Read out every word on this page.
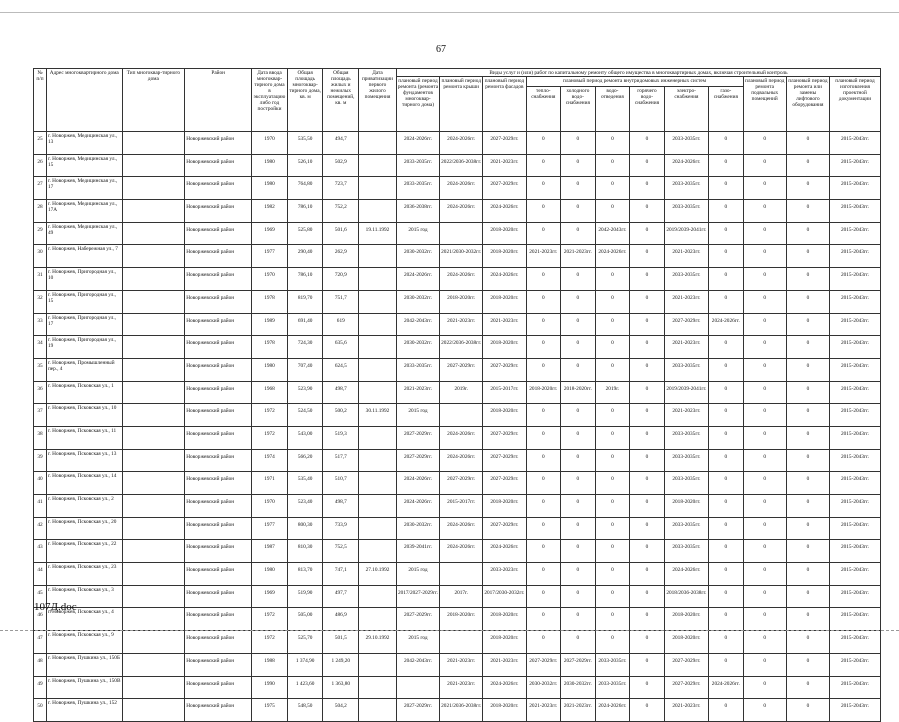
67
№ п/п	Адрес многоквартирного дома	Тип многоквар-тирного дома	Район	Дата ввода многоквар-тирного дома в эксплуатацию либо год постройки	Общая площадь многоквар-тирного дома, кв. м	Общая площадь жилых и нежилых помещений, кв. м	Дата приватизации первого жилого помещения	Виды услуг и (или) работ по капитальному ремонту общего имущества в многоквартирных домах, включая строительный контроль											
								плановый период ремонта (ремонта фундаментов многоквар-тирного дома)	плановый период ремонта крыши	плановый период ремонта фасадов	плановый период ремонта внутридомовых инженерных систем						плановый период ремонта подвальных помещений	плановый период ремонта или замены лифтового оборудования	плановый период изготовления проектной документации
											тепло-снабжения	холодного водо-снабжения	водо-отведения	горячего водо-снабжения	электро-снабжения	газо-снабжения			
25	г. Новоржев, Медицинская ул., 13		Новоржевский район	1970	535,50	494,7		2024-2026гг.	2024-2026гг.	2027-2029гг.	0	0	0	0	2033-2035гг.	0	0	0	2015-2043гг.
26	г. Новоржев, Медицинская ул., 15		Новоржевский район	1980	526,10	502,9		2033-2035гг.	2022/2036-2038гг.	2021-2023гг.	0	0	0	0	2024-2026гг.	0	0	0	2015-2043гг.
27	г. Новоржев, Медицинская ул., 17		Новоржевский район	1980	764,80	723,7		2033-2035гг.	2024-2026гг.	2027-2029гг.	0	0	0	0	2033-2035гг.	0	0	0	2015-2043гг.
28	г. Новоржев, Медицинская ул., 17А		Новоржевский район	1982	786,10	752,2		2036-2038гг.	2024-2026гг.	2024-2026гг.	0	0	0	0	2033-2035гг.	0	0	0	2015-2043гг.
29	г. Новоржев, Медицинская ул., 49		Новоржевский район	1969	525,80	501,6	19.11.1992	2015 год		2018-2020гг.	0	0	2042-2043гг.	0	2019/2039-2041гг.	0	0	0	2015-2043гг.
30	г. Новоржев, Набережная ул., 7		Новоржевский район	1977	290,40	262,9		2030-2032гг.	2021/2030-2032гг.	2018-2020гг.	2021-2023гг.	2021-2023гг.	2024-2026гг.	0	2021-2023гг.	0	0	0	2015-2043гг.
31	г. Новоржев, Пригородная ул., 10		Новоржевский район	1970	786,10	720,9		2024-2026гг.	2024-2026гг.	2024-2026гг.	0	0	0	0	2033-2035гг.	0	0	0	2015-2043гг.
32	г. Новоржев, Пригородная ул., 15		Новоржевский район	1978	819,70	751,7		2030-2032гг.	2018-2020гг.	2018-2020гг.	0	0	0	0	2021-2023гг.	0	0	0	2015-2043гг.
33	г. Новоржев, Пригородная ул., 17		Новоржевский район	1989	691,40	619		2042-2043гг.	2021-2023гг.	2021-2023гг.	0	0	0	0	2027-2029гг.	2024-2026гг.	0	0	2015-2043гг.
34	г. Новоржев, Пригородная ул., 19		Новоржевский район	1978	724,30	635,6		2030-2032гг.	2022/2036-2038гг.	2018-2020гг.	0	0	0	0	2021-2023гг.	0	0	0	2015-2043гг.
35	г. Новоржев, Промышленный пер., 4		Новоржевский район	1980	707,40	624,5		2033-2035гг.	2027-2029гг.	2027-2029гг.	0	0	0	0	2033-2035гг.	0	0	0	2015-2043гг.
36	г. Новоржев, Псковская ул., 1		Новоржевский район	1968	523,90	498,7		2021-2023гг.	2019г.	2015-2017гг.	2018-2020гг.	2018-2020гг.	2019г.	0	2019/2039-2041гг.	0	0	0	2015-2043гг.
37	г. Новоржев, Псковская ул., 10		Новоржевский район	1972	524,50	500,2	30.11.1992	2015 год		2018-2020гг.	0	0	0	0	2021-2023гг.	0	0	0	2015-2043гг.
38	г. Новоржев, Псковская ул., 11		Новоржевский район	1972	543,00	519,3		2027-2029гг.	2024-2026гг.	2027-2029гг.	0	0	0	0	2033-2035гг.	0	0	0	2015-2043гг.
39	г. Новоржев, Псковская ул., 13		Новоржевский район	1974	566,20	517,7		2027-2029гг.	2024-2026гг.	2027-2029гг.	0	0	0	0	2033-2035гг.	0	0	0	2015-2043гг.
40	г. Новоржев, Псковская ул., 14		Новоржевский район	1971	535,40	510,7		2024-2026гг.	2027-2029гг.	2027-2029гг.	0	0	0	0	2033-2035гг.	0	0	0	2015-2043гг.
41	г. Новоржев, Псковская ул., 2		Новоржевский район	1970	523,40	498,7		2024-2026гг.	2015-2017гг.	2018-2020гг.	0	0	0	0	2018-2020гг.	0	0	0	2015-2043гг.
42	г. Новоржев, Псковская ул., 20		Новоржевский район	1977	800,30	733,9		2030-2032гг.	2024-2026гг.	2027-2029гг.	0	0	0	0	2033-2035гг.	0	0	0	2015-2043гг.
43	г. Новоржев, Псковская ул., 22		Новоржевский район	1987	810,30	752,5		2039-2041гг.	2024-2026гг.	2024-2026гг.	0	0	0	0	2033-2035гг.	0	0	0	2015-2043гг.
44	г. Новоржев, Псковская ул., 23		Новоржевский район	1980	813,70	747,1	27.10.1992	2015 год		2033-2023гг.	0	0	0	0	2024-2026гг.	0	0	0	2015-2043гг.
45	г. Новоржев, Псковская ул., 3		Новоржевский район	1969	519,90	497,7		2017/2027-2029гг.	2017г.	2017/2030-2032гг.	0	0	0	0	2018/2036-2038гг.	0	0	0	2015-2043гг.
46	г. Новоржев, Псковская ул., 4		Новоржевский район	1972	505,00	486,9		2027-2029гг.	2018-2020гг.	2018-2020гг.	0	0	0	0	2018-2020гг.	0	0	0	2015-2043гг.
47	г. Новоржев, Псковская ул., 9		Новоржевский район	1972	525,70	501,5	29.10.1992	2015 год		2018-2020гг.	0	0	0	0	2018-2020гг.	0	0	0	2015-2043гг.
48	г. Новоржев, Пушкина ул., 150Б		Новоржевский район	1988	1 374,90	1 249,20		2042-2043гг.	2021-2023гг.	2021-2023гг.	2027-2029гг.	2027-2029гг.	2033-2035гг.	0	2027-2029гг.	0	0	0	2015-2043гг.
49	г. Новоржев, Пушкина ул., 150В		Новоржевский район	1990	1 423,60	1 363,80			2021-2023гг.	2024-2026гг.	2030-2032гг.	2030-2032гг.	2033-2035гг.	0	2027-2029гг.	2024-2026гг.	0	0	2015-2043гг.
50	г. Новоржев, Пушкина ул., 152		Новоржевский район	1975	548,50	504,2		2027-2029гг.	2021/2036-2038гг.	2018-2020гг.	2021-2023гг.	2021-2023гг.	2024-2026гг.	0	2021-2023гг.	0	0	0	2015-2043гг.
107Д.doc
